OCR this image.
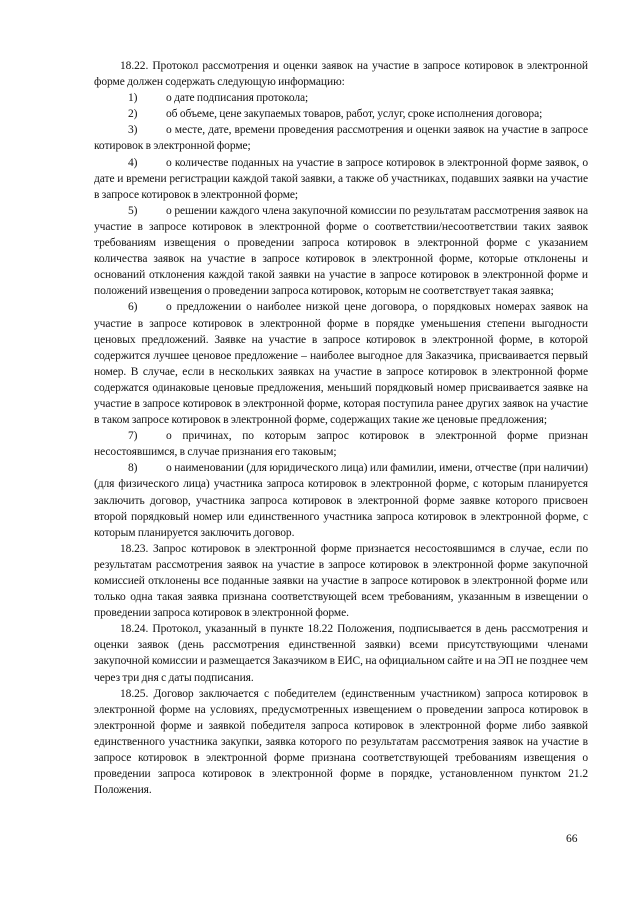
18.22. Протокол рассмотрения и оценки заявок на участие в запросе котировок в электронной форме должен содержать следующую информацию:

1) о дате подписания протокола;

2) об объеме, цене закупаемых товаров, работ, услуг, сроке исполнения договора;

3) о месте, дате, времени проведения рассмотрения и оценки заявок на участие в запросе котировок в электронной форме;

4) о количестве поданных на участие в запросе котировок в электронной форме заявок, о дате и времени регистрации каждой такой заявки, а также об участниках, подавших заявки на участие в запросе котировок в электронной форме;

5) о решении каждого члена закупочной комиссии по результатам рассмотрения заявок на участие в запросе котировок в электронной форме о соответствии/несоответствии таких заявок требованиям извещения о проведении запроса котировок в электронной форме с указанием количества заявок на участие в запросе котировок в электронной форме, которые отклонены и оснований отклонения каждой такой заявки на участие в запросе котировок в электронной форме и положений извещения о проведении запроса котировок, которым не соответствует такая заявка;

6) о предложении о наиболее низкой цене договора, о порядковых номерах заявок на участие в запросе котировок в электронной форме в порядке уменьшения степени выгодности ценовых предложений. Заявке на участие в запросе котировок в электронной форме, в которой содержится лучшее ценовое предложение – наиболее выгодное для Заказчика, присваивается первый номер. В случае, если в нескольких заявках на участие в запросе котировок в электронной форме содержатся одинаковые ценовые предложения, меньший порядковый номер присваивается заявке на участие в запросе котировок в электронной форме, которая поступила ранее других заявок на участие в таком запросе котировок в электронной форме, содержащих такие же ценовые предложения;

7) о причинах, по которым запрос котировок в электронной форме признан несостоявшимся, в случае признания его таковым;

8) о наименовании (для юридического лица) или фамилии, имени, отчестве (при наличии) (для физического лица) участника запроса котировок в электронной форме, с которым планируется заключить договор, участника запроса котировок в электронной форме заявке которого присвоен второй порядковый номер или единственного участника запроса котировок в электронной форме, с которым планируется заключить договор.

18.23. Запрос котировок в электронной форме признается несостоявшимся в случае, если по результатам рассмотрения заявок на участие в запросе котировок в электронной форме закупочной комиссией отклонены все поданные заявки на участие в запросе котировок в электронной форме или только одна такая заявка признана соответствующей всем требованиям, указанным в извещении о проведении запроса котировок в электронной форме.

18.24. Протокол, указанный в пункте 18.22 Положения, подписывается в день рассмотрения и оценки заявок (день рассмотрения единственной заявки) всеми присутствующими членами закупочной комиссии и размещается Заказчиком в ЕИС, на официальном сайте и на ЭП не позднее чем через три дня с даты подписания.

18.25. Договор заключается с победителем (единственным участником) запроса котировок в электронной форме на условиях, предусмотренных извещением о проведении запроса котировок в электронной форме и заявкой победителя запроса котировок в электронной форме либо заявкой единственного участника закупки, заявка которого по результатам рассмотрения заявок на участие в запросе котировок в электронной форме признана соответствующей требованиям извещения о проведении запроса котировок в электронной форме в порядке, установленном пунктом 21.2 Положения.

66
